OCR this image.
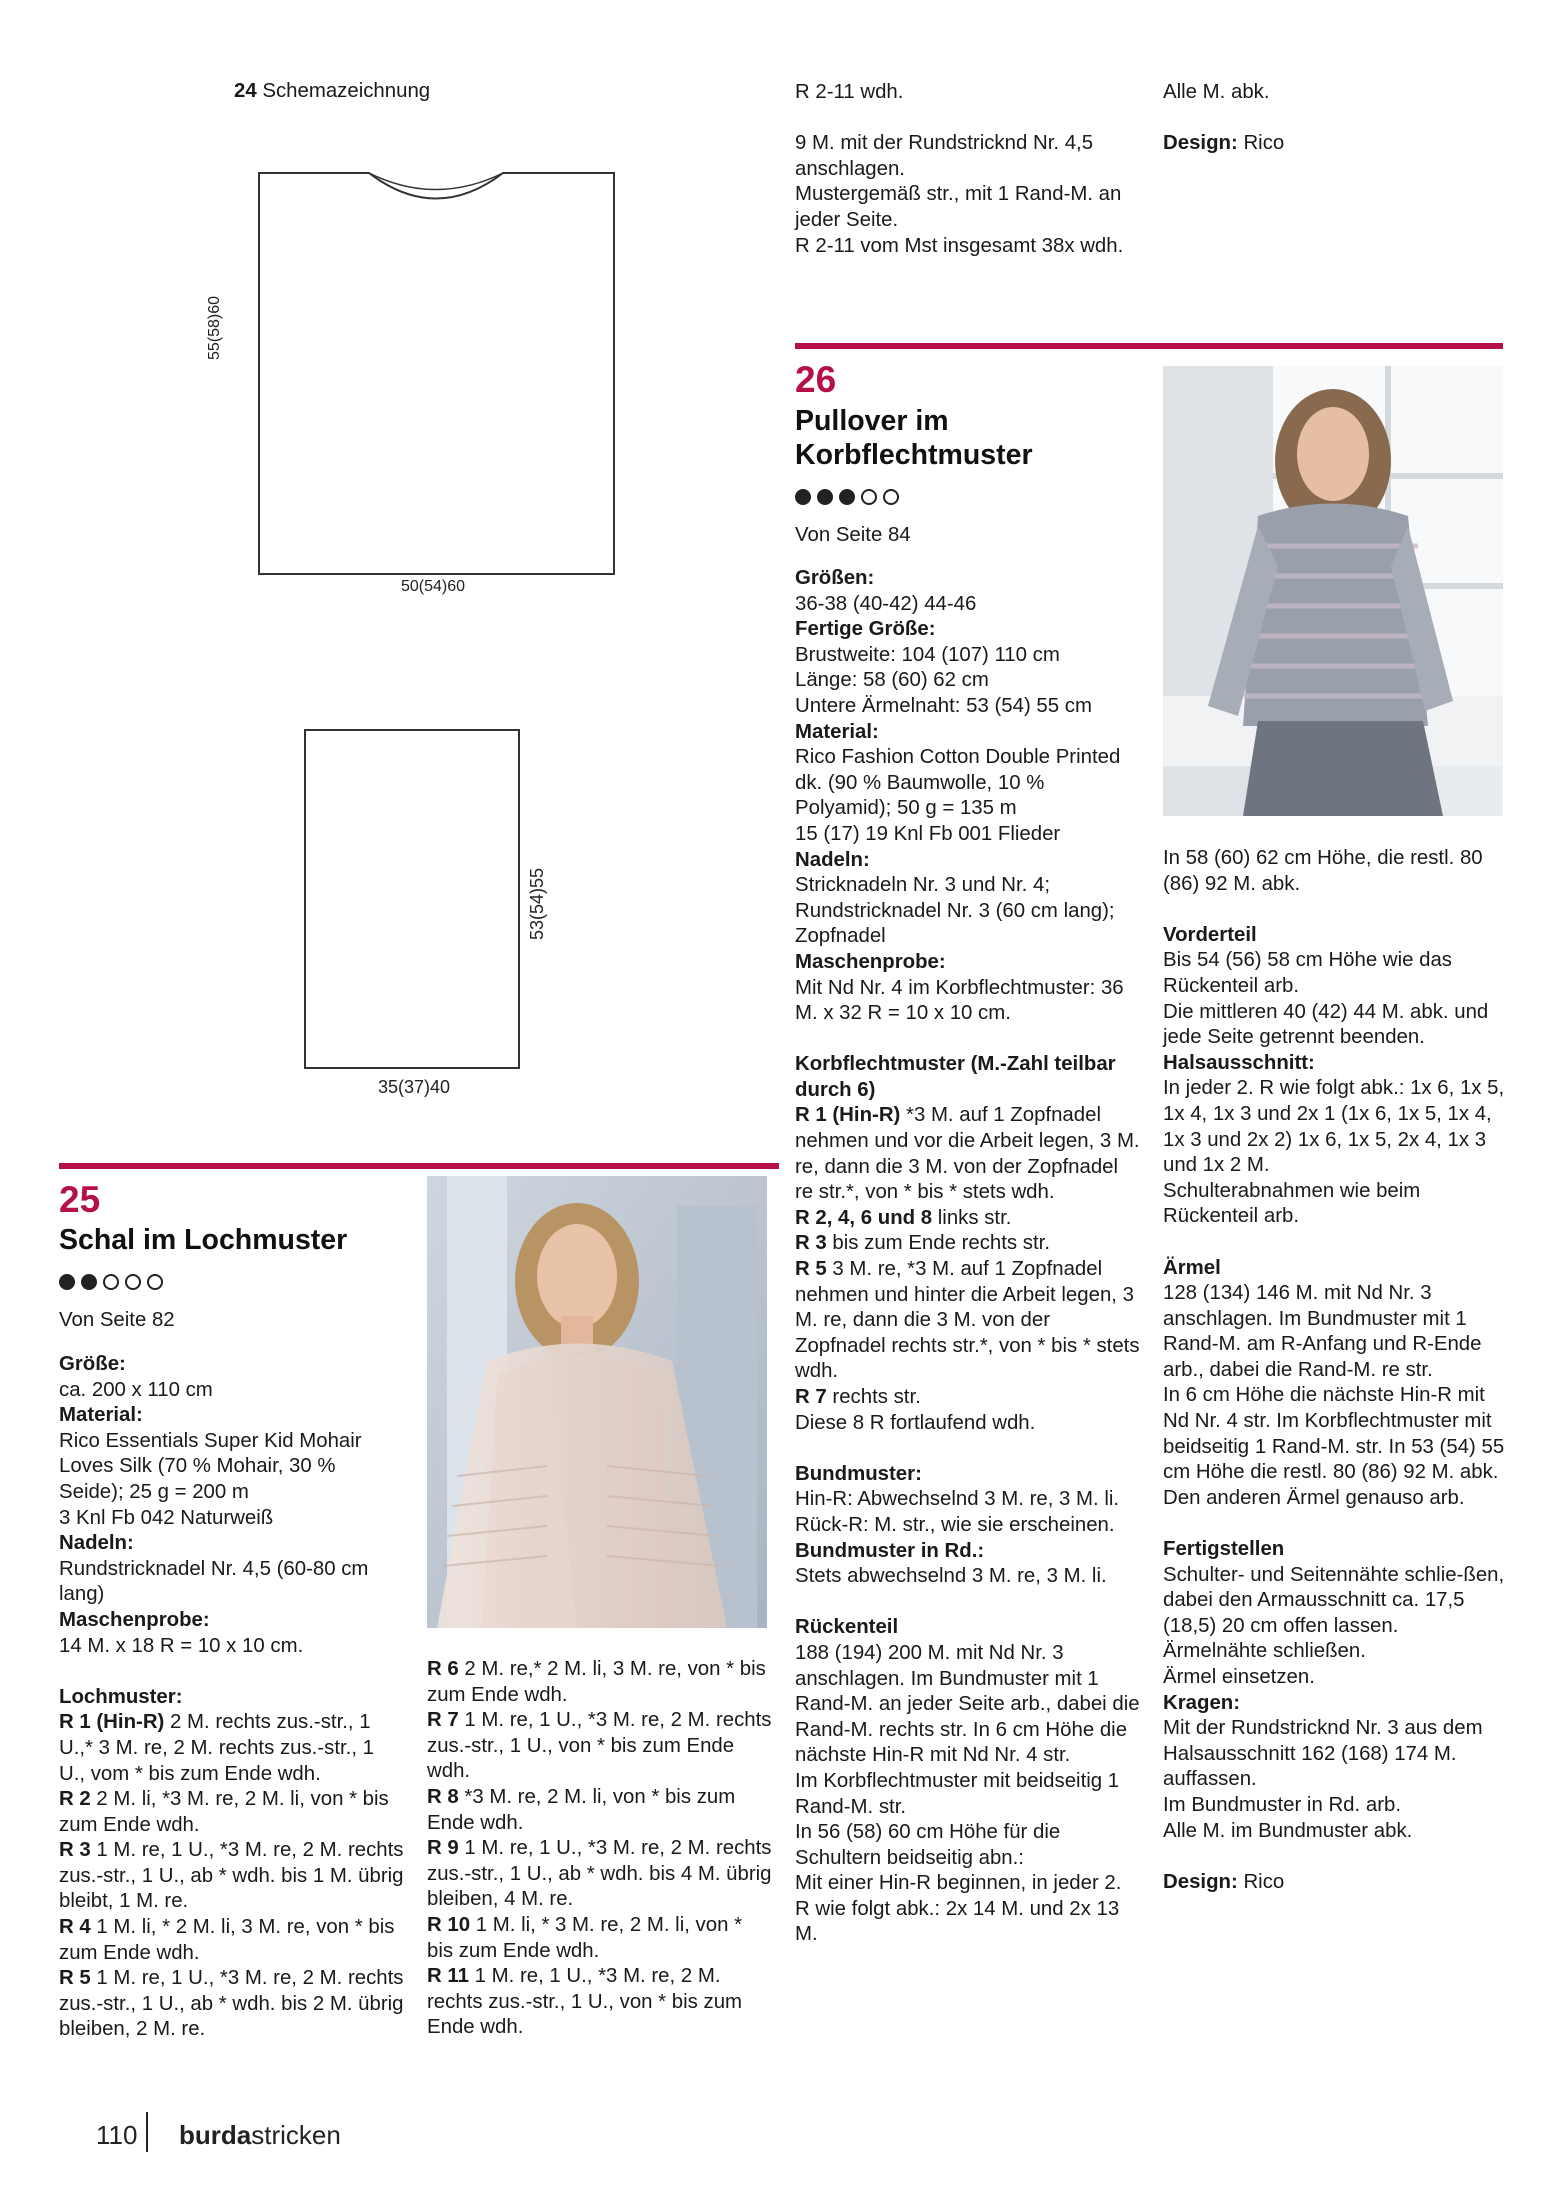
24 Schemazeichnung
55(58)60
50(54)60
53(54)55
35(37)40
25
Schal im Lochmuster
Von Seite 82
Größe:
ca. 200 x 110 cm
Material:
Rico Essentials Super Kid Mohair Loves Silk (70 % Mohair, 30 % Seide); 25 g = 200 m
3 Knl Fb 042 Naturweiß
Nadeln:
Rundstricknadel Nr. 4,5 (60-80 cm lang)
Maschenprobe:
14 M. x 18 R = 10 x 10 cm.
Lochmuster:
R 1 (Hin-R) 2 M. rechts zus.-str., 1 U.,* 3 M. re, 2 M. rechts zus.-str., 1 U., vom * bis zum Ende wdh.
R 2 2 M. li, *3 M. re, 2 M. li, von * bis zum Ende wdh.
R 3 1 M. re, 1 U., *3 M. re, 2 M. rechts zus.-str., 1 U., ab * wdh. bis 1 M. übrig bleibt, 1 M. re.
R 4 1 M. li, * 2 M. li, 3 M. re, von * bis zum Ende wdh.
R 5 1 M. re, 1 U., *3 M. re, 2 M. rechts zus.-str., 1 U., ab * wdh. bis 2 M. übrig bleiben, 2 M. re.
R 6 2 M. re,* 2 M. li, 3 M. re, von * bis zum Ende wdh.
R 7 1 M. re, 1 U., *3 M. re, 2 M. rechts zus.-str., 1 U., von * bis zum Ende wdh.
R 8 *3 M. re, 2 M. li, von * bis zum Ende wdh.
R 9 1 M. re, 1 U., *3 M. re, 2 M. rechts zus.-str., 1 U., ab * wdh. bis 4 M. übrig bleiben, 4 M. re.
R 10 1 M. li, * 3 M. re, 2 M. li, von * bis zum Ende wdh.
R 11 1 M. re, 1 U., *3 M. re, 2 M. rechts zus.-str., 1 U., von * bis zum Ende wdh.
R 2-11 wdh.
9 M. mit der Rundstricknd Nr. 4,5 anschlagen.
Mustergemäß str., mit 1 Rand-M. an jeder Seite.
R 2-11 vom Mst insgesamt 38x wdh.
Alle M. abk.
Design: Rico
26
Pullover im Korbflechtmuster
Von Seite 84
Größen:
36-38 (40-42) 44-46
Fertige Größe:
Brustweite: 104 (107) 110 cm
Länge: 58 (60) 62 cm
Untere Ärmelnaht: 53 (54) 55 cm
Material:
Rico Fashion Cotton Double Printed dk. (90 % Baumwolle, 10 % Polyamid); 50 g = 135 m
15 (17) 19 Knl Fb 001 Flieder
Nadeln:
Stricknadeln Nr. 3 und Nr. 4;
Rundstricknadel Nr. 3 (60 cm lang); Zopfnadel
Maschenprobe:
Mit Nd Nr. 4 im Korbflechtmuster: 36 M. x 32 R = 10 x 10 cm.
Korbflechtmuster (M.-Zahl teilbar durch 6)
R 1 (Hin-R) *3 M. auf 1 Zopfnadel nehmen und vor die Arbeit legen, 3 M. re, dann die 3 M. von der Zopfnadel re str.*, von * bis * stets wdh.
R 2, 4, 6 und 8 links str.
R 3 bis zum Ende rechts str.
R 5 3 M. re, *3 M. auf 1 Zopfnadel nehmen und hinter die Arbeit legen, 3 M. re, dann die 3 M. von der Zopfnadel rechts str.*, von * bis * stets wdh.
R 7 rechts str.
Diese 8 R fortlaufend wdh.
Bundmuster:
Hin-R: Abwechselnd 3 M. re, 3 M. li.
Rück-R: M. str., wie sie erscheinen.
Bundmuster in Rd.:
Stets abwechselnd 3 M. re, 3 M. li.
Rückenteil
188 (194) 200 M. mit Nd Nr. 3 anschlagen. Im Bundmuster mit 1 Rand-M. an jeder Seite arb., dabei die Rand-M. rechts str. In 6 cm Höhe die nächste Hin-R mit Nd Nr. 4 str.
Im Korbflechtmuster mit beidseitig 1 Rand-M. str.
In 56 (58) 60 cm Höhe für die Schultern beidseitig abn.:
Mit einer Hin-R beginnen, in jeder 2. R wie folgt abk.: 2x 14 M. und 2x 13 M.
In 58 (60) 62 cm Höhe, die restl. 80 (86) 92 M. abk.
Vorderteil
Bis 54 (56) 58 cm Höhe wie das Rückenteil arb.
Die mittleren 40 (42) 44 M. abk. und jede Seite getrennt beenden.
Halsausschnitt:
In jeder 2. R wie folgt abk.: 1x 6, 1x 5, 1x 4, 1x 3 und 2x 1 (1x 6, 1x 5, 1x 4, 1x 3 und 2x 2) 1x 6, 1x 5, 2x 4, 1x 3 und 1x 2 M.
Schulterabnahmen wie beim Rückenteil arb.
Ärmel
128 (134) 146 M. mit Nd Nr. 3 anschlagen. Im Bundmuster mit 1 Rand-M. am R-Anfang und R-Ende arb., dabei die Rand-M. re str.
In 6 cm Höhe die nächste Hin-R mit Nd Nr. 4 str. Im Korbflechtmuster mit beidseitig 1 Rand-M. str. In 53 (54) 55 cm Höhe die restl. 80 (86) 92 M. abk.
Den anderen Ärmel genauso arb.
Fertigstellen
Schulter- und Seitennähte schlie-ßen, dabei den Armausschnitt ca. 17,5 (18,5) 20 cm offen lassen.
Ärmelnähte schließen.
Ärmel einsetzen.
Kragen:
Mit der Rundstricknd Nr. 3 aus dem Halsausschnitt 162 (168) 174 M. auffassen.
Im Bundmuster in Rd. arb.
Alle M. im Bundmuster abk.
Design: Rico
110 burdastricken
